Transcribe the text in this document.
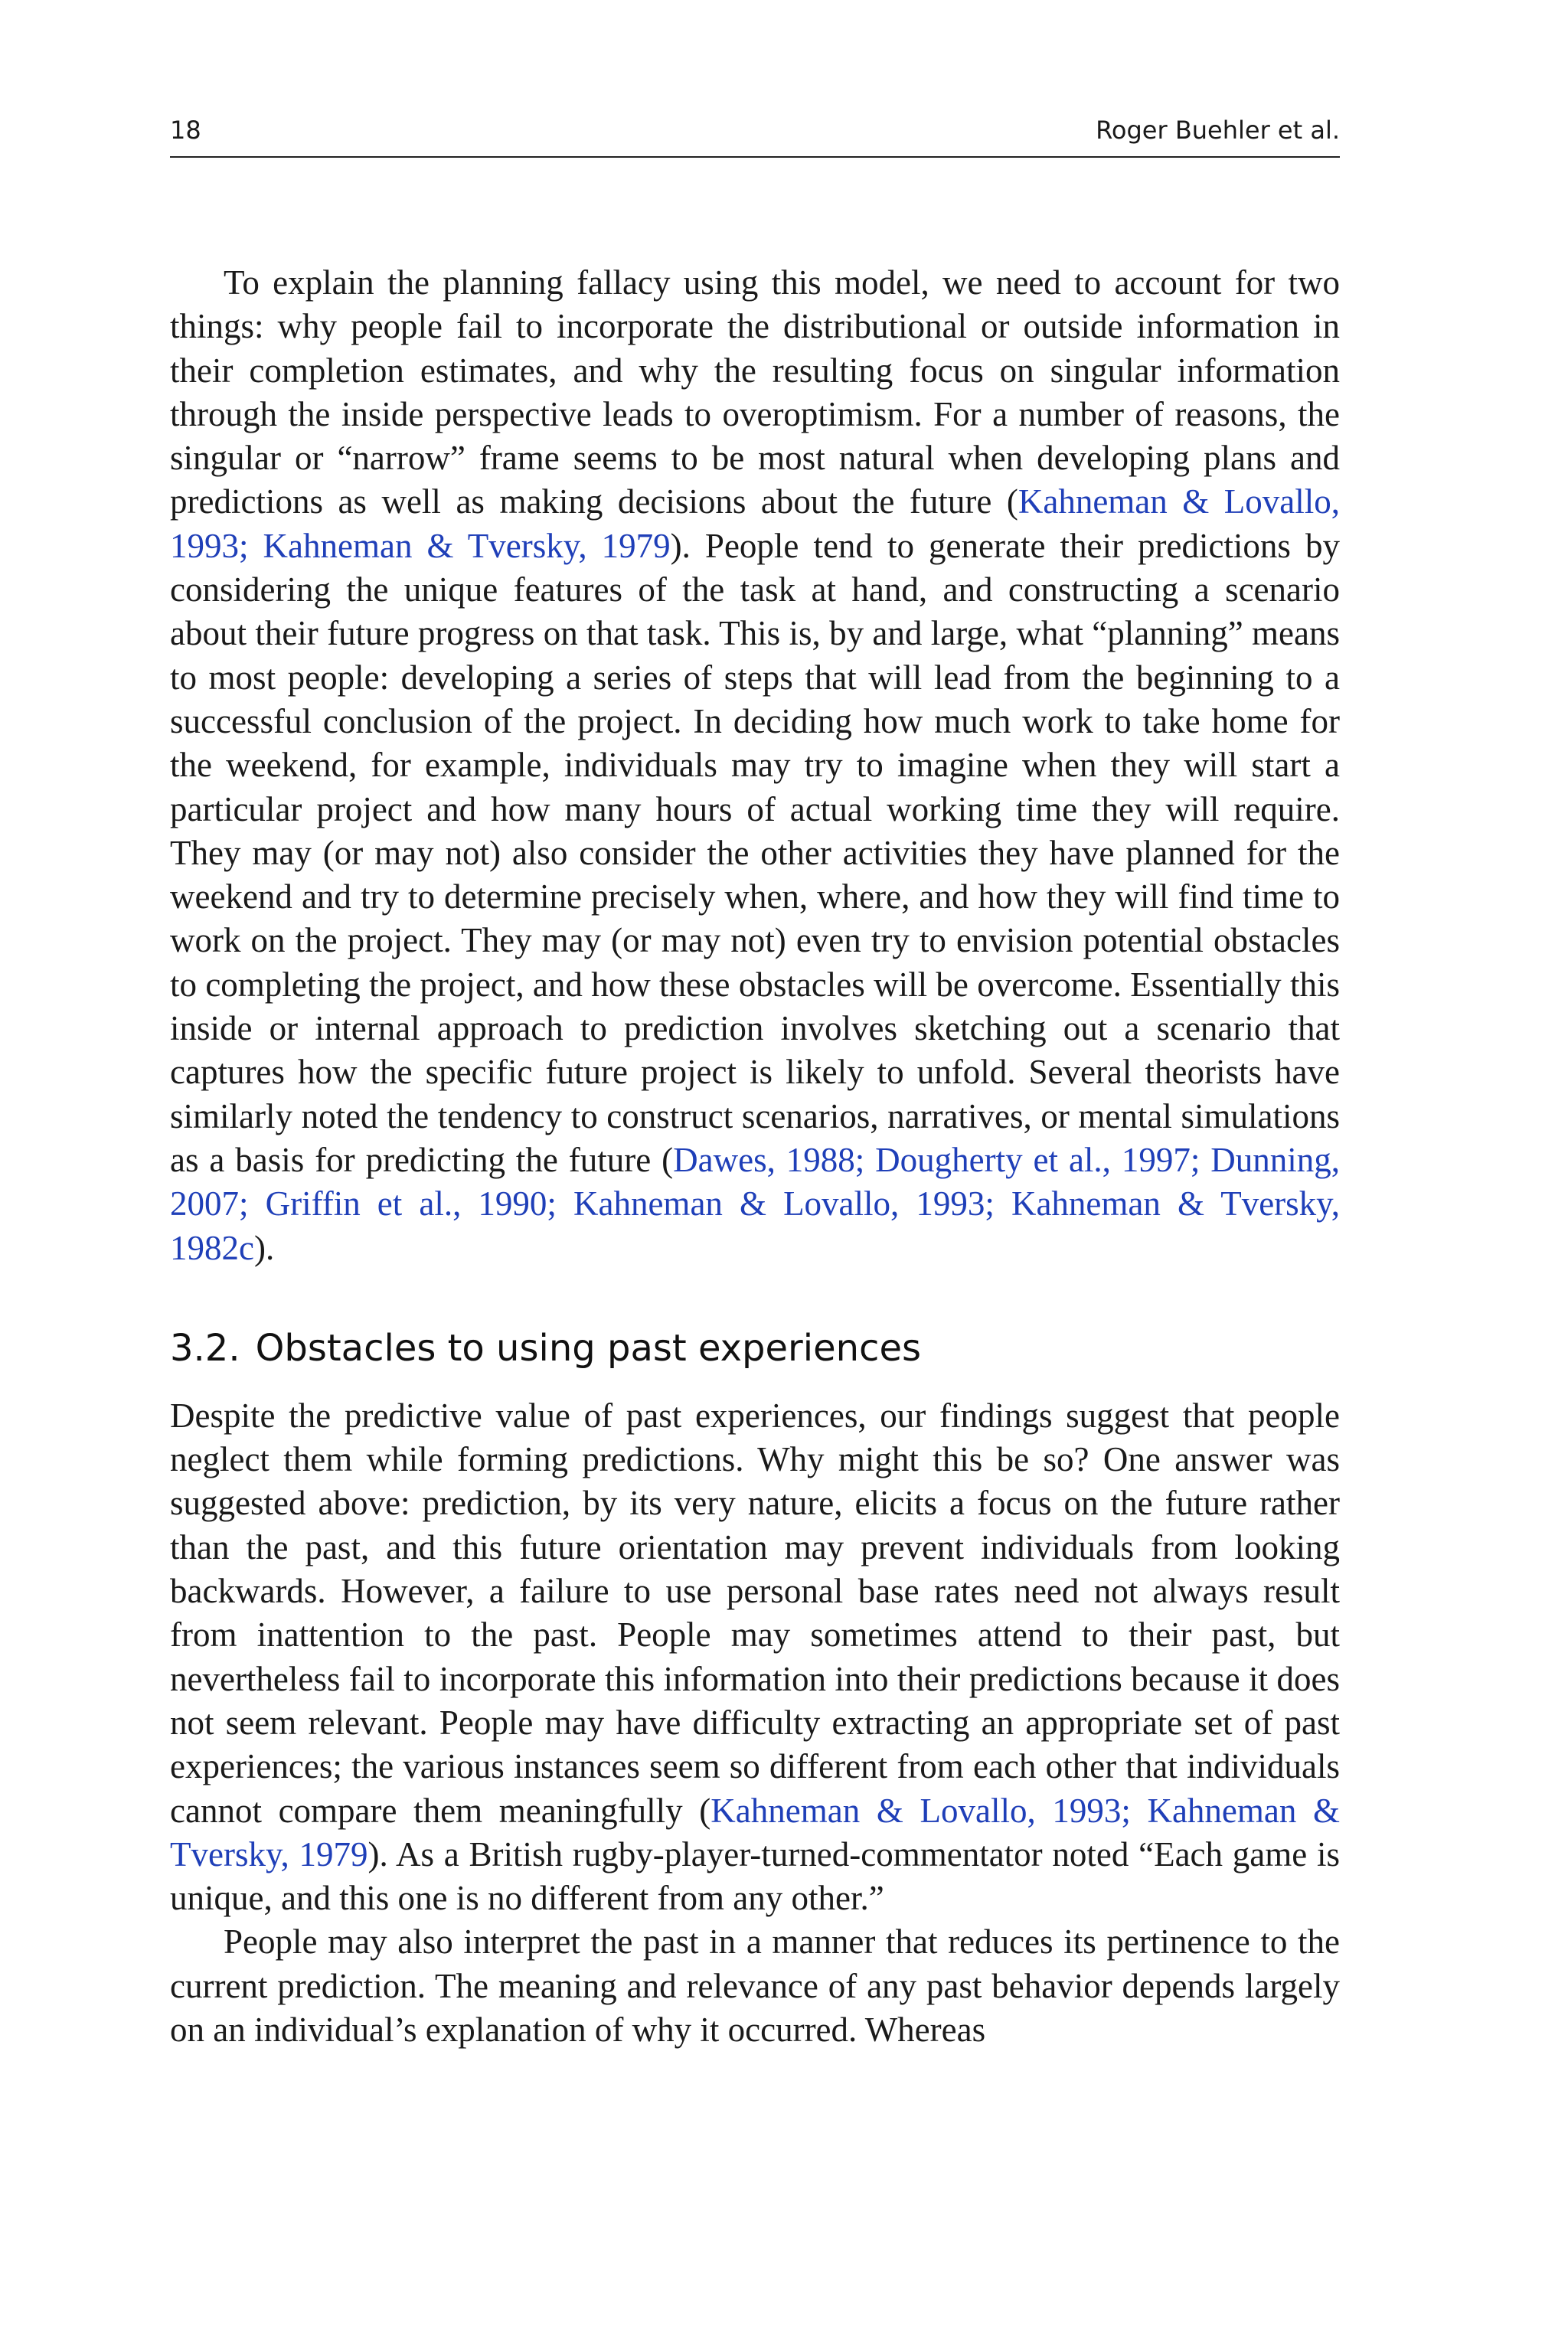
18	Roger Buehler et al.

To explain the planning fallacy using this model, we need to account for two things: why people fail to incorporate the distributional or outside information in their completion estimates, and why the resulting focus on singular information through the inside perspective leads to overoptimism. For a number of reasons, the singular or “narrow” frame seems to be most natural when developing plans and predictions as well as making decisions about the future (Kahneman & Lovallo, 1993; Kahneman & Tversky, 1979). People tend to generate their predictions by considering the unique features of the task at hand, and constructing a scenario about their future progress on that task. This is, by and large, what “planning” means to most people: developing a series of steps that will lead from the beginning to a successful conclusion of the project. In deciding how much work to take home for the weekend, for example, individuals may try to imagine when they will start a particular project and how many hours of actual working time they will require. They may (or may not) also consider the other activities they have planned for the weekend and try to determine precisely when, where, and how they will find time to work on the project. They may (or may not) even try to envision potential obstacles to completing the project, and how these obstacles will be overcome. Essentially this inside or internal approach to prediction involves sketching out a scenario that captures how the specific future project is likely to unfold. Several theorists have similarly noted the tendency to construct scenarios, narratives, or mental simulations as a basis for predicting the future (Dawes, 1988; Dougherty et al., 1997; Dunning, 2007; Griffin et al., 1990; Kahneman & Lovallo, 1993; Kahneman & Tversky, 1982c).

3.2. Obstacles to using past experiences

Despite the predictive value of past experiences, our findings suggest that people neglect them while forming predictions. Why might this be so? One answer was suggested above: prediction, by its very nature, elicits a focus on the future rather than the past, and this future orientation may prevent individuals from looking backwards. However, a failure to use personal base rates need not always result from inattention to the past. People may sometimes attend to their past, but nevertheless fail to incorporate this information into their predictions because it does not seem relevant. People may have difficulty extracting an appropriate set of past experiences; the various instances seem so different from each other that individuals cannot compare them meaningfully (Kahneman & Lovallo, 1993; Kahneman & Tversky, 1979). As a British rugby-player-turned-commentator noted “Each game is unique, and this one is no different from any other.”

People may also interpret the past in a manner that reduces its pertinence to the current prediction. The meaning and relevance of any past behavior depends largely on an individual’s explanation of why it occurred. Whereas
